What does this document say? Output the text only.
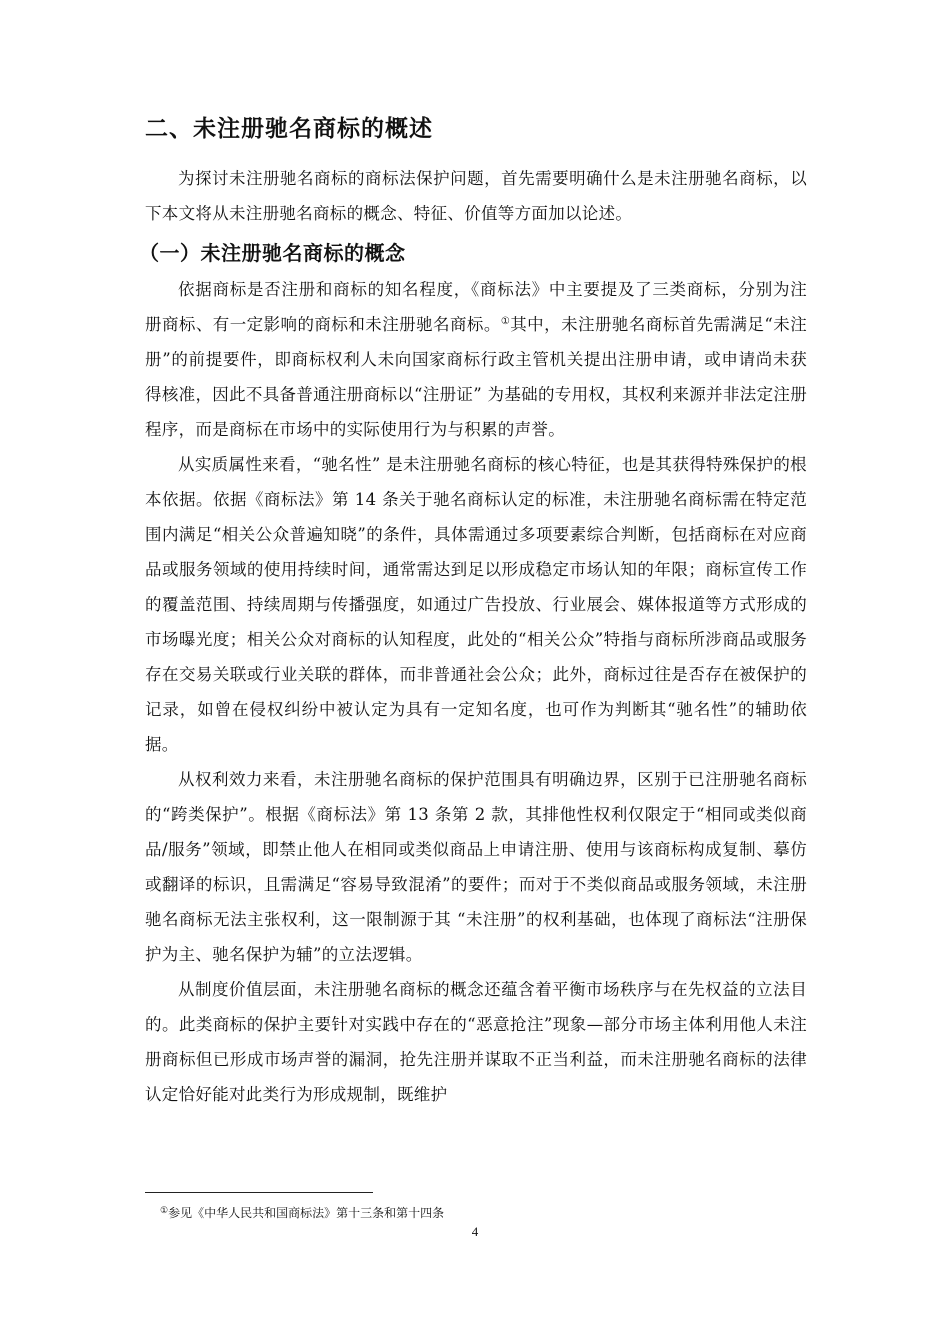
二、未注册驰名商标的概述

为探讨未注册驰名商标的商标法保护问题，首先需要明确什么是未注册驰名商标，以下本文将从未注册驰名商标的概念、特征、价值等方面加以论述。

（一）未注册驰名商标的概念

依据商标是否注册和商标的知名程度，《商标法》中主要提及了三类商标，分别为注册商标、有一定影响的商标和未注册驰名商标。①其中，未注册驰名商标首先需满足“未注册”的前提要件，即商标权利人未向国家商标行政主管机关提出注册申请，或申请尚未获得核准，因此不具备普通注册商标以“注册证” 为基础的专用权，其权利来源并非法定注册程序，而是商标在市场中的实际使用行为与积累的声誉。

从实质属性来看，“驰名性” 是未注册驰名商标的核心特征，也是其获得特殊保护的根本依据。依据《商标法》第 14 条关于驰名商标认定的标准，未注册驰名商标需在特定范围内满足“相关公众普遍知晓”的条件，具体需通过多项要素综合判断，包括商标在对应商品或服务领域的使用持续时间，通常需达到足以形成稳定市场认知的年限；商标宣传工作的覆盖范围、持续周期与传播强度，如通过广告投放、行业展会、媒体报道等方式形成的市场曝光度；相关公众对商标的认知程度，此处的“相关公众”特指与商标所涉商品或服务存在交易关联或行业关联的群体，而非普通社会公众；此外，商标过往是否存在被保护的记录，如曾在侵权纠纷中被认定为具有一定知名度，也可作为判断其“驰名性”的辅助依据。

从权利效力来看，未注册驰名商标的保护范围具有明确边界，区别于已注册驰名商标的“跨类保护”。根据《商标法》第 13 条第 2 款，其排他性权利仅限定于“相同或类似商品/服务”领域，即禁止他人在相同或类似商品上申请注册、使用与该商标构成复制、摹仿或翻译的标识，且需满足“容易导致混淆”的要件；而对于不类似商品或服务领域，未注册驰名商标无法主张权利，这一限制源于其 “未注册”的权利基础，也体现了商标法“注册保护为主、驰名保护为辅”的立法逻辑。

从制度价值层面，未注册驰名商标的概念还蕴含着平衡市场秩序与在先权益的立法目的。此类商标的保护主要针对实践中存在的“恶意抢注”现象—部分市场主体利用他人未注册商标但已形成市场声誉的漏洞，抢先注册并谋取不正当利益，而未注册驰名商标的法律认定恰好能对此类行为形成规制，既维护

①参见《中华人民共和国商标法》第十三条和第十四条
4
